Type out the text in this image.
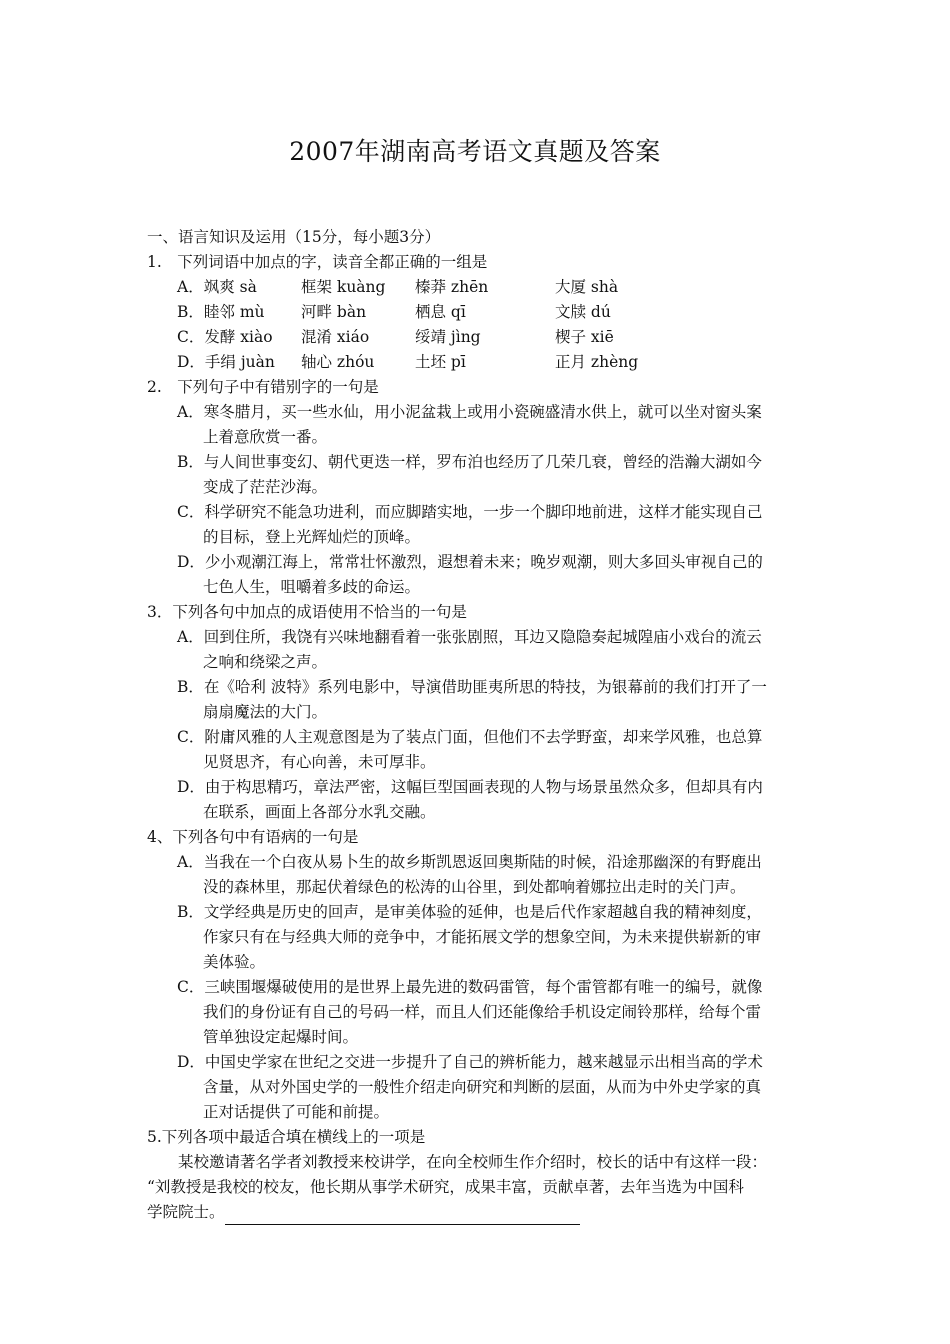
2007年湖南高考语文真题及答案
一、语言知识及运用（15分，每小题3分）
1.　下列词语中加点的字，读音全都正确的一组是
A．飒爽 sà	框架 kuàng 榛莽 zhēn	大厦 shà
B．睦邻 mù 河畔 bàn	栖息 qī	文牍 dú
C．发酵 xiào 混淆 xiáo	绥靖 jìng	楔子 xiē
D．手绢 juàn 轴心 zhóu	土坯 pī	正月 zhèng
2.　下列句子中有错别字的一句是
A．寒冬腊月，买一些水仙，用小泥盆栽上或用小瓷碗盛清水供上，就可以坐对窗头案
上着意欣赏一番。
B．与人间世事变幻、朝代更迭一样，罗布泊也经历了几荣几衰，曾经的浩瀚大湖如今
变成了茫茫沙海。
C．科学研究不能急功进利，而应脚踏实地，一步一个脚印地前进，这样才能实现自己
的目标，登上光辉灿烂的顶峰。
D．少小观潮江海上，常常壮怀激烈，遐想着未来；晚岁观潮，则大多回头审视自己的
七色人生，咀嚼着多歧的命运。
3．下列各句中加点的成语使用不恰当的一句是
A．回到住所，我饶有兴味地翻看着一张张剧照，耳边又隐隐奏起城隍庙小戏台的流云
之响和绕梁之声。
B．在《哈利 波特》系列电影中，导演借助匪夷所思的特技，为银幕前的我们打开了一
扇扇魔法的大门。
C．附庸风雅的人主观意图是为了装点门面，但他们不去学野蛮，却来学风雅，也总算
见贤思齐，有心向善，未可厚非。
D．由于构思精巧，章法严密，这幅巨型国画表现的人物与场景虽然众多，但却具有内
在联系，画面上各部分水乳交融。
4、下列各句中有语病的一句是
A．当我在一个白夜从易卜生的故乡斯凯恩返回奥斯陆的时候，沿途那幽深的有野鹿出
没的森林里，那起伏着绿色的松涛的山谷里，到处都响着娜拉出走时的关门声。
B．文学经典是历史的回声，是审美体验的延伸，也是后代作家超越自我的精神刻度，
作家只有在与经典大师的竞争中，才能拓展文学的想象空间，为未来提供崭新的审
美体验。
C．三峡围堰爆破使用的是世界上最先进的数码雷管，每个雷管都有唯一的编号，就像
我们的身份证有自己的号码一样，而且人们还能像给手机设定闹铃那样，给每个雷
管单独设定起爆时间。
D．中国史学家在世纪之交进一步提升了自己的辨析能力，越来越显示出相当高的学术
含量，从对外国史学的一般性介绍走向研究和判断的层面，从而为中外史学家的真
正对话提供了可能和前提。
5.下列各项中最适合填在横线上的一项是
某校邀请著名学者刘教授来校讲学，在向全校师生作介绍时，校长的话中有这样一段：
“刘教授是我校的校友，他长期从事学术研究，成果丰富，贡献卓著，去年当选为中国科
学院院士。
